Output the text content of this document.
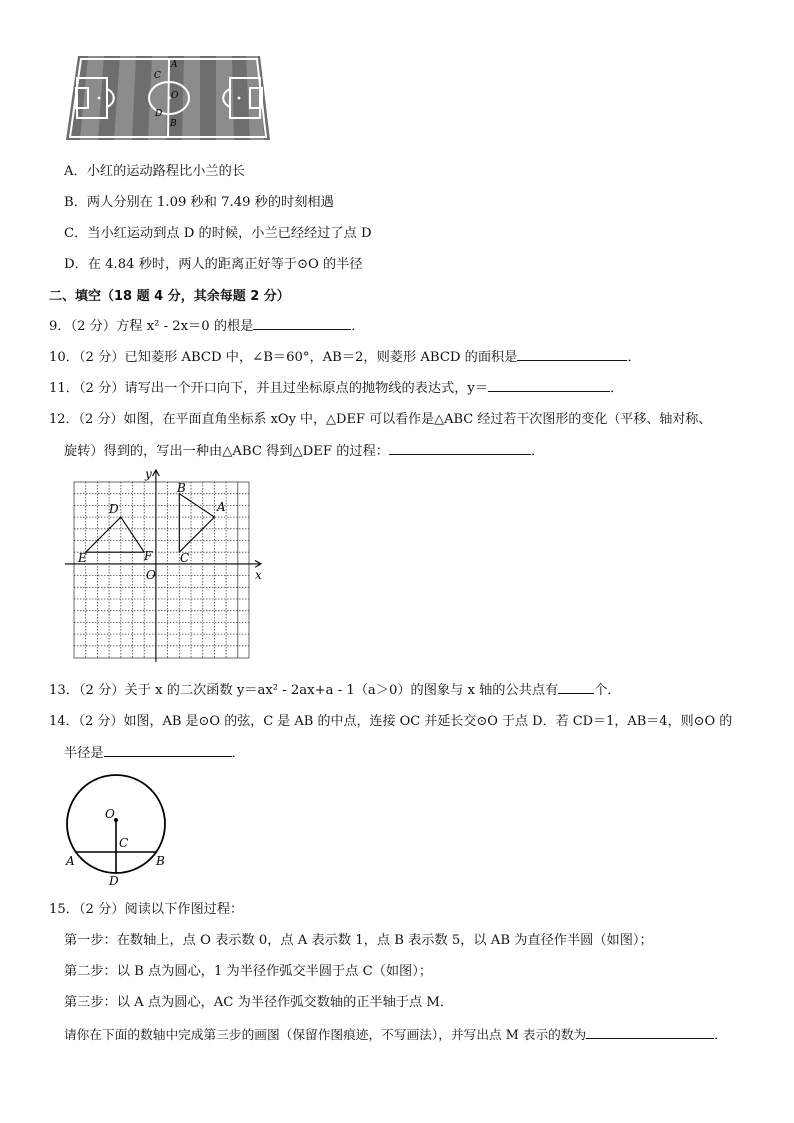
A
C
O
D
B
A．小红的运动路程比小兰的长
B．两人分别在 1.09 秒和 7.49 秒的时刻相遇
C．当小红运动到点 D 的时候，小兰已经经过了点 D
D．在 4.84 秒时，两人的距离正好等于⊙O 的半径
二、填空（18 题 4 分，其余每题 2 分）
9．（2 分）方程 x² - 2x＝0 的根是	．
10．（2 分）已知菱形 ABCD 中，∠B＝60°，AB＝2，则菱形 ABCD 的面积是	．
11．（2 分）请写出一个开口向下，并且过坐标原点的抛物线的表达式，y＝	．
12．（2 分）如图，在平面直角坐标系 xOy 中，△DEF 可以看作是△ABC 经过若干次图形的变化（平移、轴对称、
旋转）得到的，写出一种由△ABC 得到△DEF 的过程：	．
y
x
O
B
A
C
D
E	F
13．（2 分）关于 x 的二次函数 y＝ax² - 2ax+a - 1（a＞0）的图象与 x 轴的公共点有	个．
14．（2 分）如图，AB 是⊙O 的弦，C 是 AB 的中点，连接 OC 并延长交⊙O 于点 D．若 CD＝1，AB＝4，则⊙O 的
半径是	．
O
C
A	B
D
15．（2 分）阅读以下作图过程：
第一步：在数轴上，点 O 表示数 0，点 A 表示数 1，点 B 表示数 5，以 AB 为直径作半圆（如图）；
第二步：以 B 点为圆心，1 为半径作弧交半圆于点 C（如图）；
第三步：以 A 点为圆心，AC 为半径作弧交数轴的正半轴于点 M．
请你在下面的数轴中完成第三步的画图（保留作图痕迹，不写画法），并写出点 M 表示的数为	．
